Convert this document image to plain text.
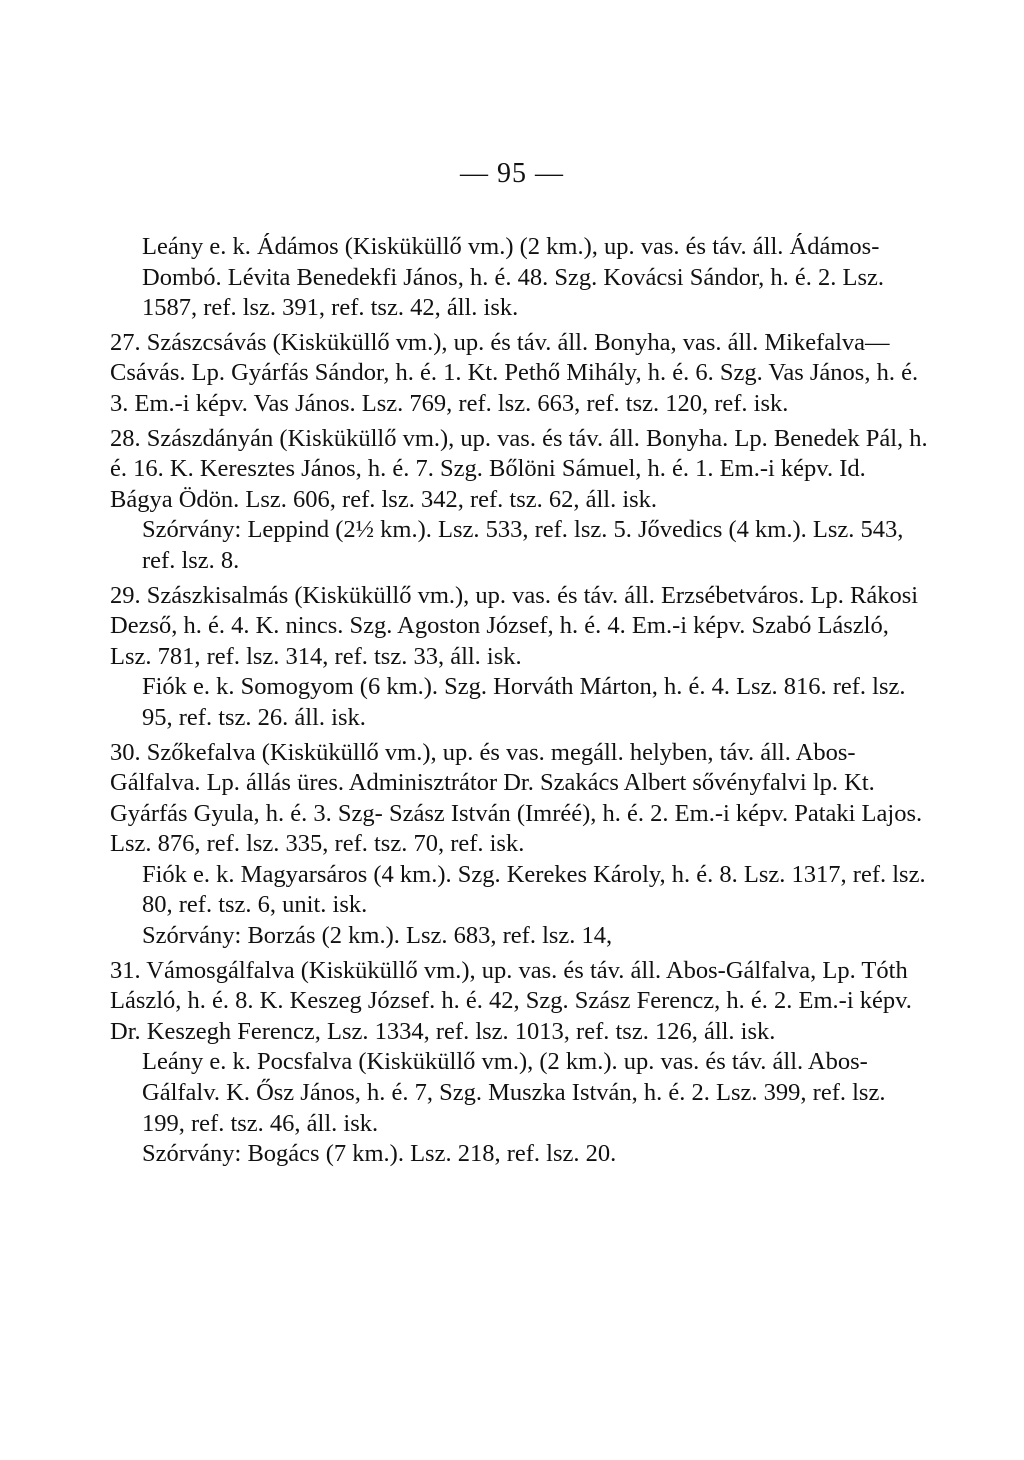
— 95 —

Leány e. k. Ádámos (Kisküküllő vm.) (2 km.), up. vas. és táv. áll. Ádámos-Dombó. Lévita Benedekfi János, h. é. 48. Szg. Kovácsi Sándor, h. é. 2. Lsz. 1587, ref. lsz. 391, ref. tsz. 42, áll. isk.

27. Szászcsávás (Kisküküllő vm.), up. és táv. áll. Bonyha, vas. áll. Mikefalva—Csávás. Lp. Gyárfás Sándor, h. é. 1. Kt. Pethő Mihály, h. é. 6. Szg. Vas János, h. é. 3. Em.-i képv. Vas János. Lsz. 769, ref. lsz. 663, ref. tsz. 120, ref. isk.

28. Szászdányán (Kisküküllő vm.), up. vas. és táv. áll. Bonyha. Lp. Benedek Pál, h. é. 16. K. Keresztes János, h. é. 7. Szg. Bőlöni Sámuel, h. é. 1. Em.-i képv. Id. Bágya Ödön. Lsz. 606, ref. lsz. 342, ref. tsz. 62, áll. isk.

Szórvány: Leppind (2½ km.). Lsz. 533, ref. lsz. 5. Jővedics (4 km.). Lsz. 543, ref. lsz. 8.

29. Szászkisalmás (Kisküküllő vm.), up. vas. és táv. áll. Erzsébetváros. Lp. Rákosi Dezső, h. é. 4. K. nincs. Szg. Agoston József, h. é. 4. Em.-i képv. Szabó László, Lsz. 781, ref. lsz. 314, ref. tsz. 33, áll. isk.

Fiók e. k. Somogyom (6 km.). Szg. Horváth Márton, h. é. 4. Lsz. 816. ref. lsz. 95, ref. tsz. 26. áll. isk.

30. Szőkefalva (Kisküküllő vm.), up. és vas. megáll. helyben, táv. áll. Abos-Gálfalva. Lp. állás üres. Adminisztrátor Dr. Szakács Albert sővényfalvi lp. Kt. Gyárfás Gyula, h. é. 3. Szg- Szász István (Imréé), h. é. 2. Em.-i képv. Pataki Lajos. Lsz. 876, ref. lsz. 335, ref. tsz. 70, ref. isk.

Fiók e. k. Magyarsáros (4 km.). Szg. Kerekes Károly, h. é. 8. Lsz. 1317, ref. lsz. 80, ref. tsz. 6, unit. isk.

Szórvány: Borzás (2 km.). Lsz. 683, ref. lsz. 14,

31. Vámosgálfalva (Kisküküllő vm.), up. vas. és táv. áll. Abos-Gálfalva, Lp. Tóth László, h. é. 8. K. Keszeg József. h. é. 42, Szg. Szász Ferencz, h. é. 2. Em.-i képv. Dr. Keszegh Ferencz, Lsz. 1334, ref. lsz. 1013, ref. tsz. 126, áll. isk.

Leány e. k. Pocsfalva (Kisküküllő vm.), (2 km.). up. vas. és táv. áll. Abos-Gálfalv. K. Ősz János, h. é. 7, Szg. Muszka István, h. é. 2. Lsz. 399, ref. lsz. 199, ref. tsz. 46, áll. isk.

Szórvány: Bogács (7 km.). Lsz. 218, ref. lsz. 20.
